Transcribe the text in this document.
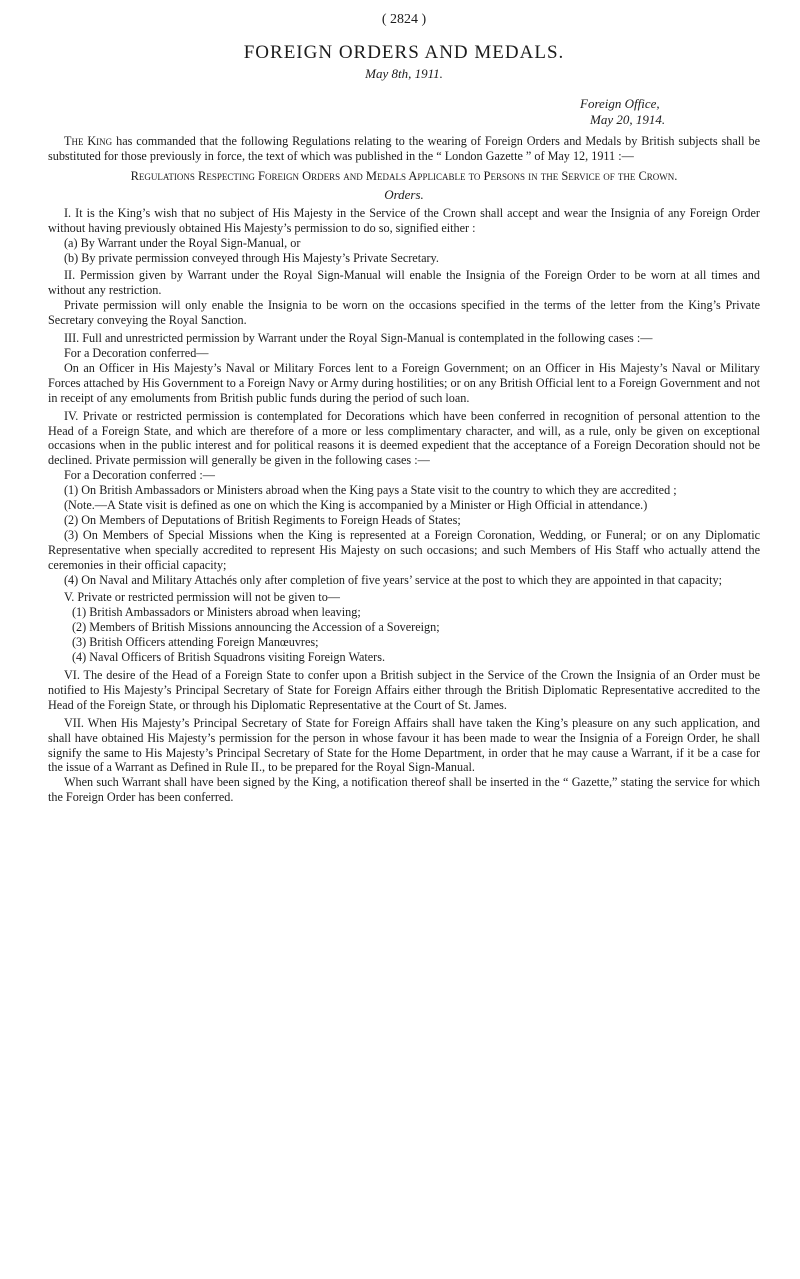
( 2824 )
FOREIGN ORDERS AND MEDALS.
May 8th, 1911.
Foreign Office,
May 20, 1914.

The King has commanded that the following Regulations relating to the wearing of Foreign Orders and Medals by British subjects shall be substituted for those previously in force, the text of which was published in the “ London Gazette ” of May 12, 1911 :—

Regulations Respecting Foreign Orders and Medals Applicable to Persons in the Service of the Crown.
Orders.

I. It is the King’s wish that no subject of His Majesty in the Service of the Crown shall accept and wear the Insignia of any Foreign Order without having previously obtained His Majesty’s permission to do so, signified either :

(a) By Warrant under the Royal Sign-Manual, or
(b) By private permission conveyed through His Majesty’s Private Secretary.

II. Permission given by Warrant under the Royal Sign-Manual will enable the Insignia of the Foreign Order to be worn at all times and without any restriction.

Private permission will only enable the Insignia to be worn on the occasions specified in the terms of the letter from the King’s Private Secretary conveying the Royal Sanction.

III. Full and unrestricted permission by Warrant under the Royal Sign-Manual is contemplated in the following cases :—

For a Decoration conferred—

On an Officer in His Majesty’s Naval or Military Forces lent to a Foreign Government; on an Officer in His Majesty’s Naval or Military Forces attached by His Government to a Foreign Navy or Army during hostilities; or on any British Official lent to a Foreign Government and not in receipt of any emoluments from British public funds during the period of such loan.

IV. Private or restricted permission is contemplated for Decorations which have been conferred in recognition of personal attention to the Head of a Foreign State, and which are therefore of a more or less complimentary character, and will, as a rule, only be given on exceptional occasions when in the public interest and for political reasons it is deemed expedient that the acceptance of a Foreign Decoration should not be declined. Private permission will generally be given in the following cases :—

For a Decoration conferred :—

(1) On British Ambassadors or Ministers abroad when the King pays a State visit to the country to which they are accredited ;

(Note.—A State visit is defined as one on which the King is accompanied by a Minister or High Official in attendance.)

(2) On Members of Deputations of British Regiments to Foreign Heads of States;

(3) On Members of Special Missions when the King is represented at a Foreign Coronation, Wedding, or Funeral; or on any Diplomatic Representative when specially accredited to represent His Majesty on such occasions; and such Members of His Staff who actually attend the ceremonies in their official capacity;

(4) On Naval and Military Attachés only after completion of five years’ service at the post to which they are appointed in that capacity;

V. Private or restricted permission will not be given to—

(1) British Ambassadors or Ministers abroad when leaving;
(2) Members of British Missions announcing the Accession of a Sovereign;
(3) British Officers attending Foreign Manœuvres;
(4) Naval Officers of British Squadrons visiting Foreign Waters.

VI. The desire of the Head of a Foreign State to confer upon a British subject in the Service of the Crown the Insignia of an Order must be notified to His Majesty’s Principal Secretary of State for Foreign Affairs either through the British Diplomatic Representative accredited to the Head of the Foreign State, or through his Diplomatic Representative at the Court of St. James.

VII. When His Majesty’s Principal Secretary of State for Foreign Affairs shall have taken the King’s pleasure on any such application, and shall have obtained His Majesty’s permission for the person in whose favour it has been made to wear the Insignia of a Foreign Order, he shall signify the same to His Majesty’s Principal Secretary of State for the Home Department, in order that he may cause a Warrant, if it be a case for the issue of a Warrant as Defined in Rule II., to be prepared for the Royal Sign-Manual.

When such Warrant shall have been signed by the King, a notification thereof shall be inserted in the “ Gazette,” stating the service for which the Foreign Order has been conferred.
